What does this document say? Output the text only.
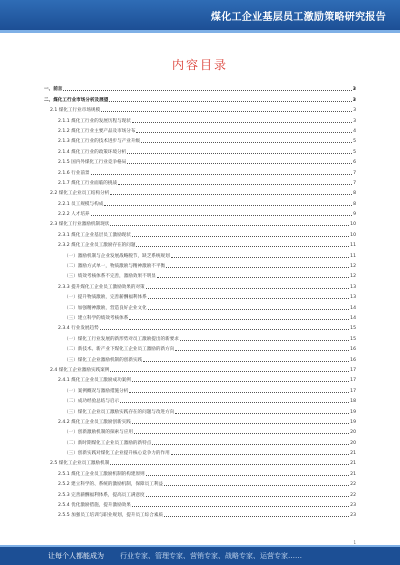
煤化工企业基层员工激励策略研究报告
内容目录
一、前言	3
二、煤化工行业市场分析及展望	3
2.1 煤化工行业市场规模	3
2.1.1 煤化工行业的发展历程与现状	3
2.1.2 煤化工行业主要产品及市场分布	4
2.1.3 煤化工行业的技术进步与产业升级	5
2.1.4 煤化工行业的政策环境分析	5
2.1.5 国内外煤化工行业竞争格局	6
2.1.6 行业前景	7
2.1.7 煤化工行业面临的挑战	7
2.2 煤化工企业员工结构分析	8
2.2.1 员工规模与构成	8
2.2.2 人才培养	9
2.3 煤化工行业激励机制现状	10
2.3.1 煤化工企业基层员工激励现状	10
2.3.2 煤化工企业员工激励存在的问题	11
（一）激励机制与企业发展战略脱节，缺乏系统规划	11
（二）激励方式单一，物质激励与精神激励不平衡	12
（三）绩效考核体系不完善，激励效果不明显	12
2.3.3 提升煤化工企业员工激励效果的对策	13
（一）提升物质激励，完善薪酬福利体系	13
（二）加强精神激励，营造良好企业文化	14
（三）建立科学的绩效考核体系	14
2.3.4 行业发展趋势	15
（一）煤化工行业发展的新形势对员工激励提出的新要求	15
（二）新技术、新产业下煤化工企业员工激励的新方向	16
（三）煤化工企业激励机制的创新实践	16
2.4 煤化工企业激励实践案例	17
2.4.1 煤化工企业员工激励成功案例	17
（一）案例概况与激励措施分析	17
（二）成功经验总结与启示	18
（三）煤化工企业员工激励实践存在的问题与改进方向	19
2.4.2 煤化工企业员工激励创新实践	19
（一）创新激励机制的探索与应用	20
（二）新时期煤化工企业员工激励的新特点	20
（三）创新实践对煤化工企业提升核心竞争力的作用	21
2.5 煤化工企业员工激励机制	21
2.5.1 煤化工企业员工激励机制的构建原则	21
2.5.2 建立科学的、系统的激励机制，保障员工利益	22
2.5.3 完善薪酬福利体系，提高员工满意度	22
2.5.4 优化激励措施，提升激励效果	23
2.5.5 加强员工培训与职业规划，提升员工综合素质	23
1
让每个人都能成为 行业专家、管理专家、营销专家、战略专家、运营专家……
